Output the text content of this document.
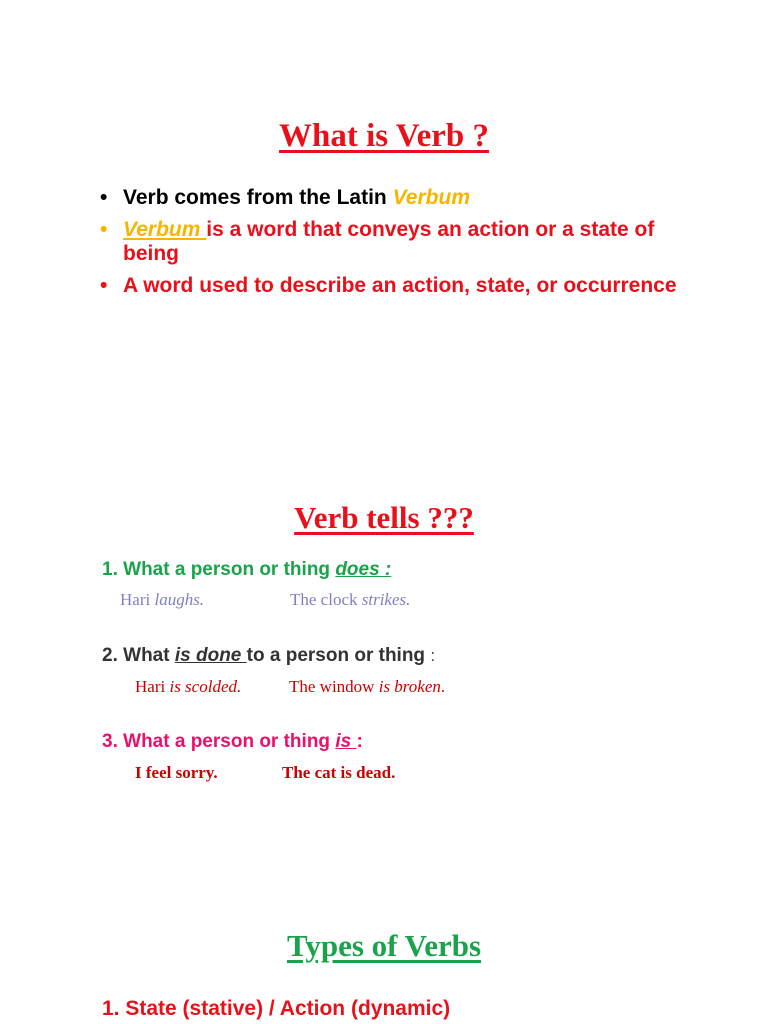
What is Verb ?
• Verb comes from the Latin Verbum
• Verbum is a word that conveys an action or a state of being
• A word used to describe an action, state, or occurrence
Verb tells ???
1. What a person or thing does :
Hari laughs.	The clock strikes.
2. What is done to a person or thing :
Hari is scolded.	The window is broken.
3. What a person or thing is :
I feel sorry.	The cat is dead.
Types of Verbs
1. State (stative) / Action (dynamic)
